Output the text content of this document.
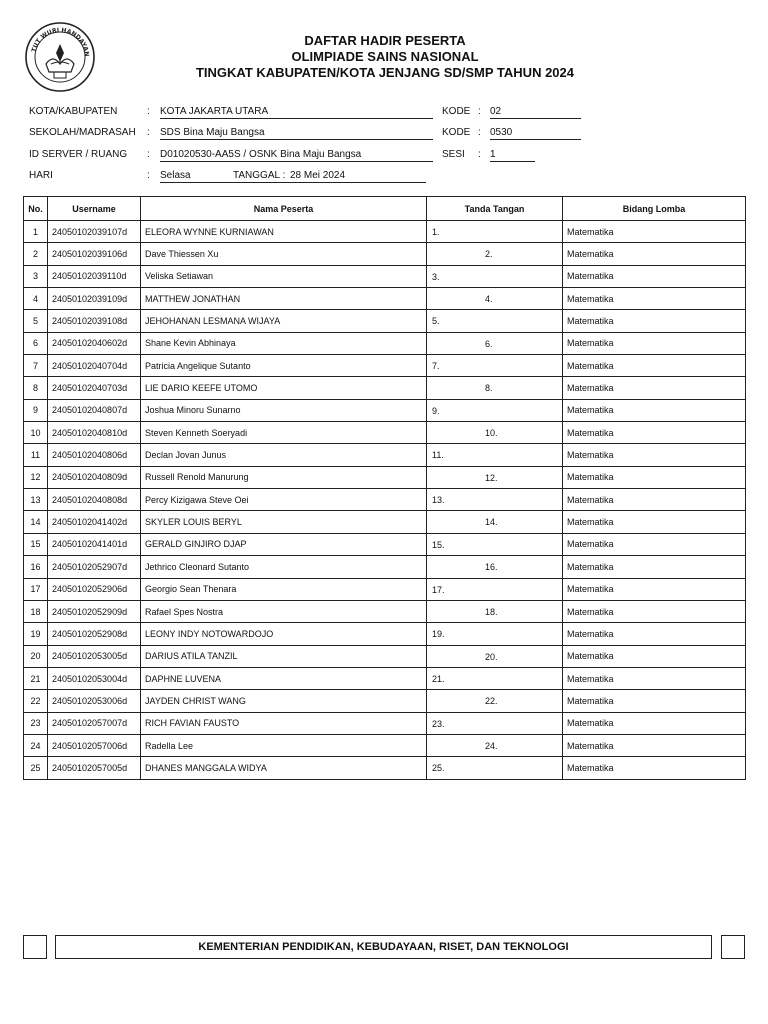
TUT WURI HANDAYAN
DAFTAR HADIR PESERTA
OLIMPIADE SAINS NASIONAL
TINGKAT KABUPATEN/KOTA JENJANG SD/SMP TAHUN 2024
KOTA/KABUPATEN	: KOTA JAKARTA UTARA	KODE : 02
SEKOLAH/MADRASAH : SDS Bina Maju Bangsa	KODE : 0530
ID SERVER / RUANG : D01020530-AA5S / OSNK Bina Maju Bangsa	SESI : 1
HARI	: Selasa	TANGGAL : 28 Mei 2024
No.	Username	Nama Peserta	Tanda Tangan	Bidang Lomba
1	24050102039107d	ELEORA WYNNE KURNIAWAN	1.	Matematika
2	24050102039106d	Dave Thiessen Xu	2.	Matematika
3	24050102039110d	Veliska Setiawan	3.	Matematika
4	24050102039109d	MATTHEW JONATHAN	4.	Matematika
5	24050102039108d	JEHOHANAN LESMANA WIJAYA	5.	Matematika
6	24050102040602d	Shane Kevin Abhinaya	6.	Matematika
7	24050102040704d	Patricia Angelique Sutanto	7.	Matematika
8	24050102040703d	LIE DARIO KEEFE UTOMO	8.	Matematika
9	24050102040807d	Joshua Minoru Sunarno	9.	Matematika
10	24050102040810d	Steven Kenneth Soeryadi	10.	Matematika
11	24050102040806d	Declan Jovan Junus	11.	Matematika
12	24050102040809d	Russell Renold Manurung	12.	Matematika
13	24050102040808d	Percy Kizigawa Steve Oei	13.	Matematika
14	24050102041402d	SKYLER LOUIS BERYL	14.	Matematika
15	24050102041401d	GERALD GINJIRO DJAP	15.	Matematika
16	24050102052907d	Jethrico Cleonard Sutanto	16.	Matematika
17	24050102052906d	Georgio Sean Thenara	17.	Matematika
18	24050102052909d	Rafael Spes Nostra	18.	Matematika
19	24050102052908d	LEONY INDY NOTOWARDOJO	19.	Matematika
20	24050102053005d	DARIUS ATILA TANZIL	20.	Matematika
21	24050102053004d	DAPHNE LUVENA	21.	Matematika
22	24050102053006d	JAYDEN CHRIST WANG	22.	Matematika
23	24050102057007d	RICH FAVIAN FAUSTO	23.	Matematika
24	24050102057006d	Radella Lee	24.	Matematika
25	24050102057005d	DHANES MANGGALA WIDYA	25.	Matematika
KEMENTERIAN PENDIDIKAN, KEBUDAYAAN, RISET, DAN TEKNOLOGI
